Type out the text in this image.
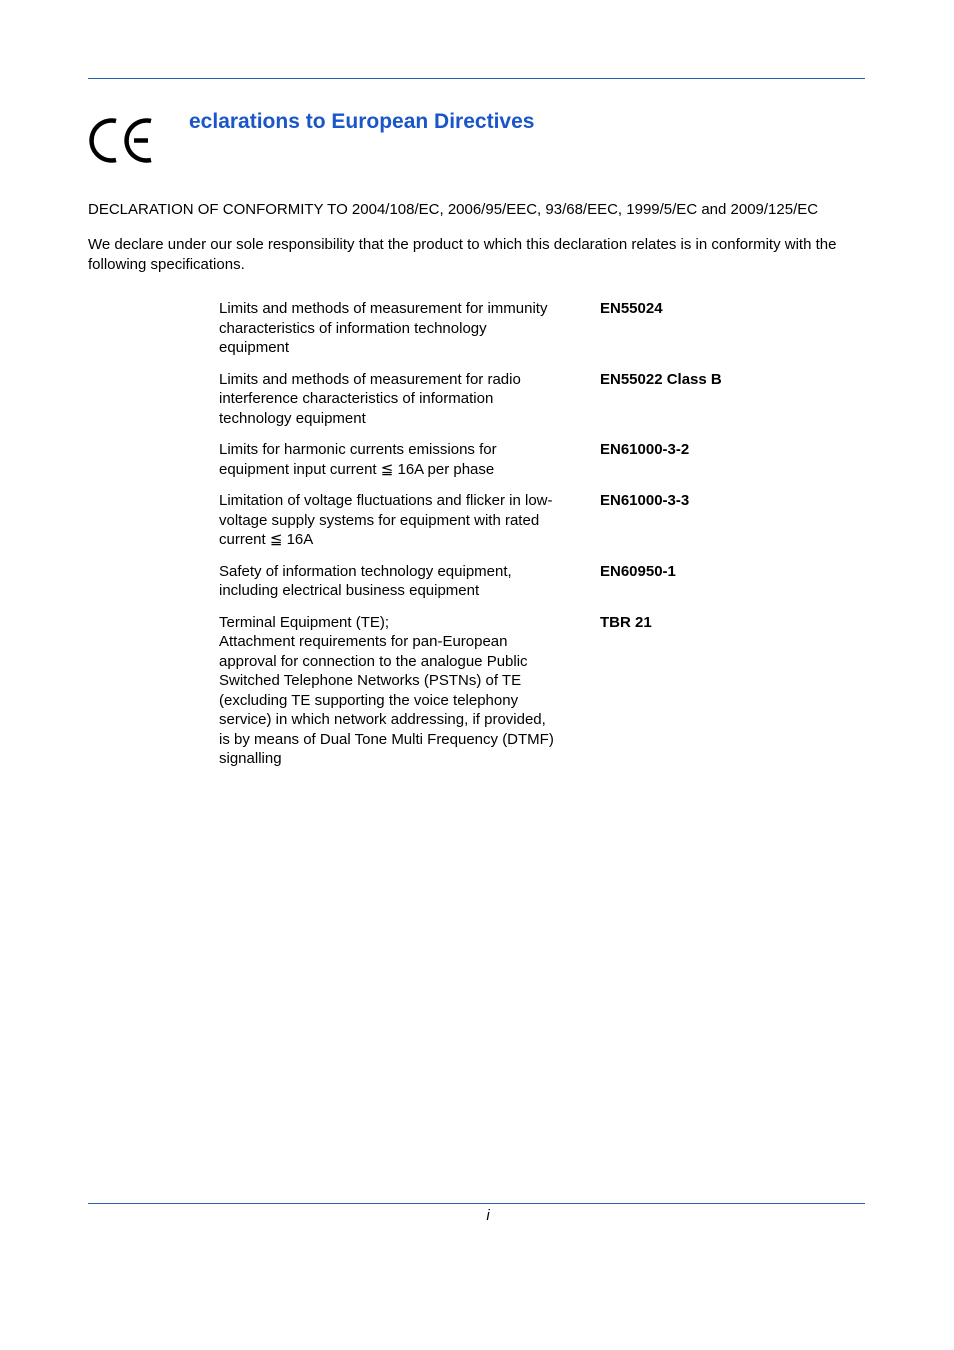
eclarations to European Directives

DECLARATION OF CONFORMITY TO 2004/108/EC, 2006/95/EEC, 93/68/EEC, 1999/5/EC and 2009/125/EC

We declare under our sole responsibility that the product to which this declaration relates is in conformity with the following specifications.

Limits and methods of measurement for immunity
characteristics of information technology
equipment
EN55024
Limits and methods of measurement for radio
interference characteristics of information
technology equipment
EN55022 Class B
Limits for harmonic currents emissions for
equipment input current ≦ 16A per phase
EN61000-3-2
Limitation of voltage fluctuations and flicker in low-
voltage supply systems for equipment with rated
current ≦ 16A
EN61000-3-3
Safety of information technology equipment,
including electrical business equipment
EN60950-1
Terminal Equipment (TE);
Attachment requirements for pan-European
approval for connection to the analogue Public
Switched Telephone Networks (PSTNs) of TE
(excluding TE supporting the voice telephony
service) in which network addressing, if provided,
is by means of Dual Tone Multi Frequency (DTMF)
signalling
TBR 21
i
